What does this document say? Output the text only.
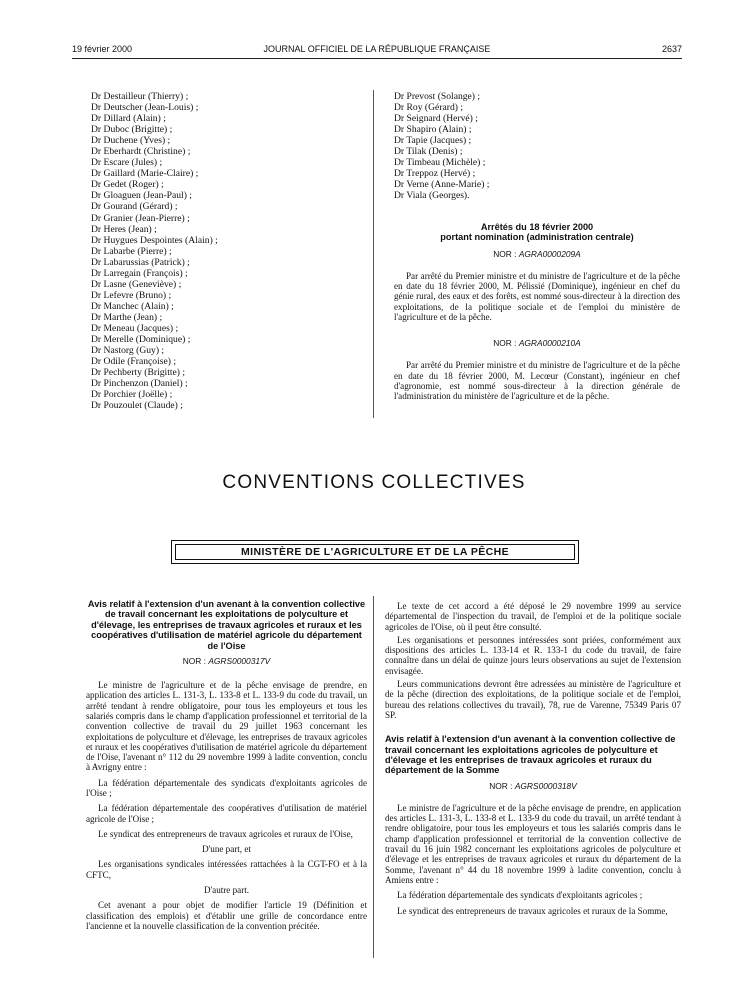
19 février 2000	JOURNAL OFFICIEL DE LA RÉPUBLIQUE FRANÇAISE	2637
Dr Destailleur (Thierry) ;
Dr Deutscher (Jean-Louis) ;
Dr Dillard (Alain) ;
Dr Duboc (Brigitte) ;
Dr Duchene (Yves) ;
Dr Eberhardt (Christine) ;
Dr Escare (Jules) ;
Dr Gaillard (Marie-Claire) ;
Dr Gedet (Roger) ;
Dr Gloaguen (Jean-Paul) ;
Dr Gourand (Gérard) ;
Dr Granier (Jean-Pierre) ;
Dr Heres (Jean) ;
Dr Huygues Despointes (Alain) ;
Dr Labarbe (Pierre) ;
Dr Labarussias (Patrick) ;
Dr Larregain (François) ;
Dr Lasne (Geneviève) ;
Dr Lefevre (Bruno) ;
Dr Manchec (Alain) ;
Dr Marthe (Jean) ;
Dr Meneau (Jacques) ;
Dr Merelle (Dominique) ;
Dr Nastorg (Guy) ;
Dr Odile (Françoise) ;
Dr Pechberty (Brigitte) ;
Dr Pinchenzon (Daniel) ;
Dr Porchier (Joëlle) ;
Dr Pouzoulet (Claude) ;
Dr Prevost (Solange) ;
Dr Roy (Gérard) ;
Dr Seignard (Hervé) ;
Dr Shapiro (Alain) ;
Dr Tapie (Jacques) ;
Dr Tilak (Denis) ;
Dr Timbeau (Michèle) ;
Dr Treppoz (Hervé) ;
Dr Verne (Anne-Marie) ;
Dr Viala (Georges).
Arrêtés du 18 février 2000
portant nomination (administration centrale)
NOR : AGRA0000209A

Par arrêté du Premier ministre et du ministre de l'agriculture et de la pêche en date du 18 février 2000, M. Pélissié (Dominique), ingénieur en chef du génie rural, des eaux et des forêts, est nommé sous-directeur à la direction des exploitations, de la politique sociale et de l'emploi du ministère de l'agriculture et de la pêche.

NOR : AGRA0000210A

Par arrêté du Premier ministre et du ministre de l'agriculture et de la pêche en date du 18 février 2000, M. Lecœur (Constant), ingénieur en chef d'agronomie, est nommé sous-directeur à la direction générale de l'administration du ministère de l'agriculture et de la pêche.

CONVENTIONS COLLECTIVES
MINISTÈRE DE L'AGRICULTURE ET DE LA PÊCHE
Avis relatif à l'extension d'un avenant à la convention collective de travail concernant les exploitations de polyculture et d'élevage, les entreprises de travaux agricoles et ruraux et les coopératives d'utilisation de matériel agricole du département de l'Oise
NOR : AGRS0000317V

Le ministre de l'agriculture et de la pêche envisage de prendre, en application des articles L. 131-3, L. 133-8 et L. 133-9 du code du travail, un arrêté tendant à rendre obligatoire, pour tous les employeurs et tous les salariés compris dans le champ d'application professionnel et territorial de la convention collective de travail du 29 juillet 1963 concernant les exploitations de polyculture et d'élevage, les entreprises de travaux agricoles et ruraux et les coopératives d'utilisation de matériel agricole du département de l'Oise, l'avenant n° 112 du 29 novembre 1999 à ladite convention, conclu à Avrigny entre :

La fédération départementale des syndicats d'exploitants agricoles de l'Oise ;

La fédération départementale des coopératives d'utilisation de matériel agricole de l'Oise ;

Le syndicat des entrepreneurs de travaux agricoles et ruraux de l'Oise,

D'une part, et

Les organisations syndicales intéressées rattachées à la CGT-FO et à la CFTC,

D'autre part.

Cet avenant a pour objet de modifier l'article 19 (Définition et classification des emplois) et d'établir une grille de concordance entre l'ancienne et la nouvelle classification de la convention précitée.

Le texte de cet accord a été déposé le 29 novembre 1999 au service départemental de l'inspection du travail, de l'emploi et de la politique sociale agricoles de l'Oise, où il peut être consulté.

Les organisations et personnes intéressées sont priées, conformément aux dispositions des articles L. 133-14 et R. 133-1 du code du travail, de faire connaître dans un délai de quinze jours leurs observations au sujet de l'extension envisagée.

Leurs communications devront être adressées au ministère de l'agriculture et de la pêche (direction des exploitations, de la politique sociale et de l'emploi, bureau des relations collectives du travail), 78, rue de Varenne, 75349 Paris 07 SP.

Avis relatif à l'extension d'un avenant à la convention collective de travail concernant les exploitations agricoles de polyculture et d'élevage et les entreprises de travaux agricoles et ruraux du département de la Somme
NOR : AGRS0000318V

Le ministre de l'agriculture et de la pêche envisage de prendre, en application des articles L. 131-3, L. 133-8 et L. 133-9 du code du travail, un arrêté tendant à rendre obligatoire, pour tous les employeurs et tous les salariés compris dans le champ d'application professionnel et territorial de la convention collective de travail du 16 juin 1982 concernant les exploitations agricoles de polyculture et d'élevage et les entreprises de travaux agricoles et ruraux du département de la Somme, l'avenant n° 44 du 18 novembre 1999 à ladite convention, conclu à Amiens entre :

La fédération départementale des syndicats d'exploitants agricoles ;

Le syndicat des entrepreneurs de travaux agricoles et ruraux de la Somme,
